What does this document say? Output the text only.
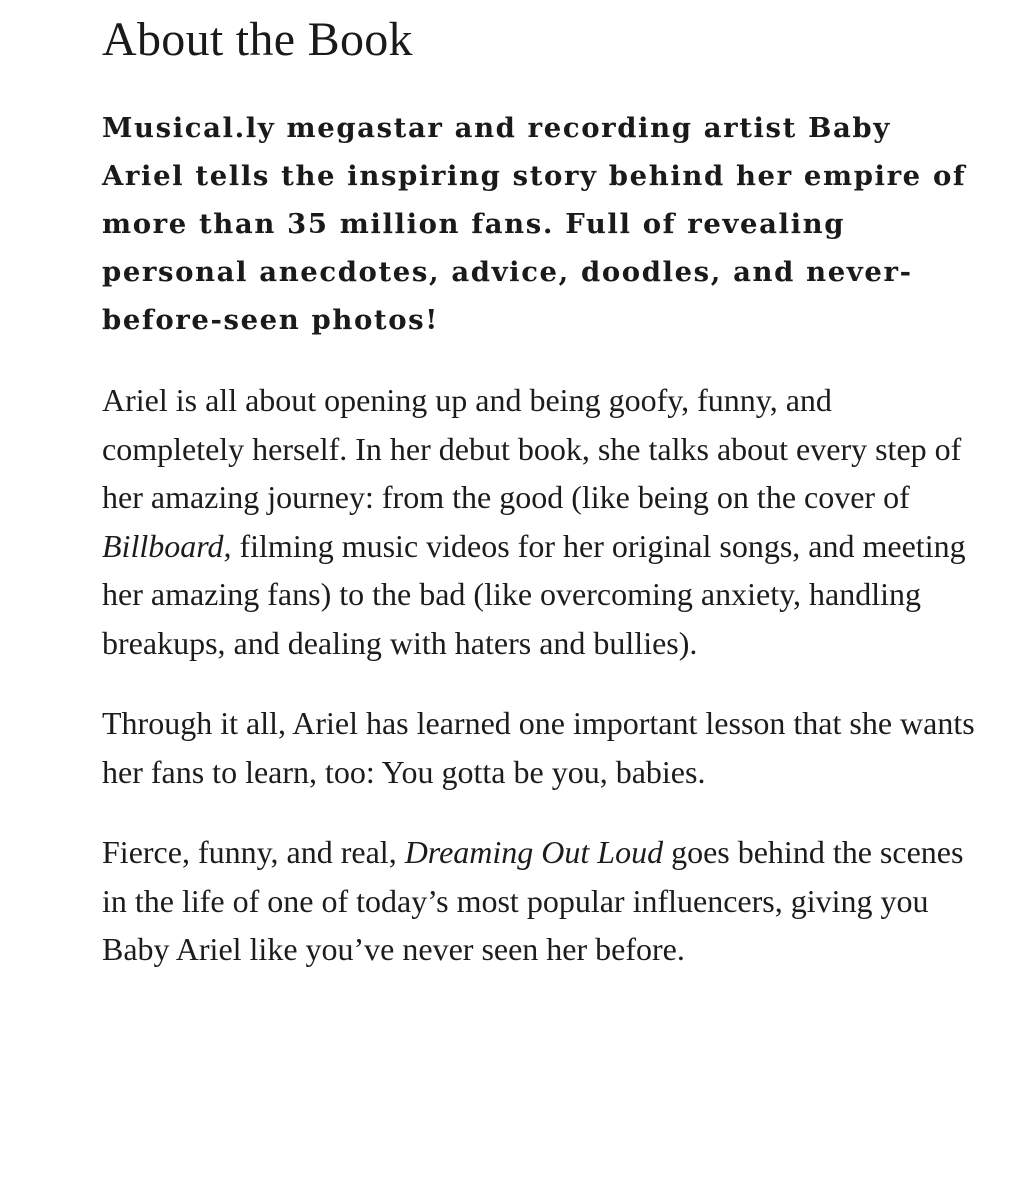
About the Book

Musical.ly megastar and recording artist Baby Ariel tells the inspiring story behind her empire of more than 35 million fans. Full of revealing personal anecdotes, advice, doodles, and never-before-seen photos!

Ariel is all about opening up and being goofy, funny, and completely herself. In her debut book, she talks about every step of her amazing journey: from the good (like being on the cover of Billboard, filming music videos for her original songs, and meeting her amazing fans) to the bad (like overcoming anxiety, handling breakups, and dealing with haters and bullies).

Through it all, Ariel has learned one important lesson that she wants her fans to learn, too: You gotta be you, babies.

Fierce, funny, and real, Dreaming Out Loud goes behind the scenes in the life of one of today’s most popular influencers, giving you Baby Ariel like you’ve never seen her before.
